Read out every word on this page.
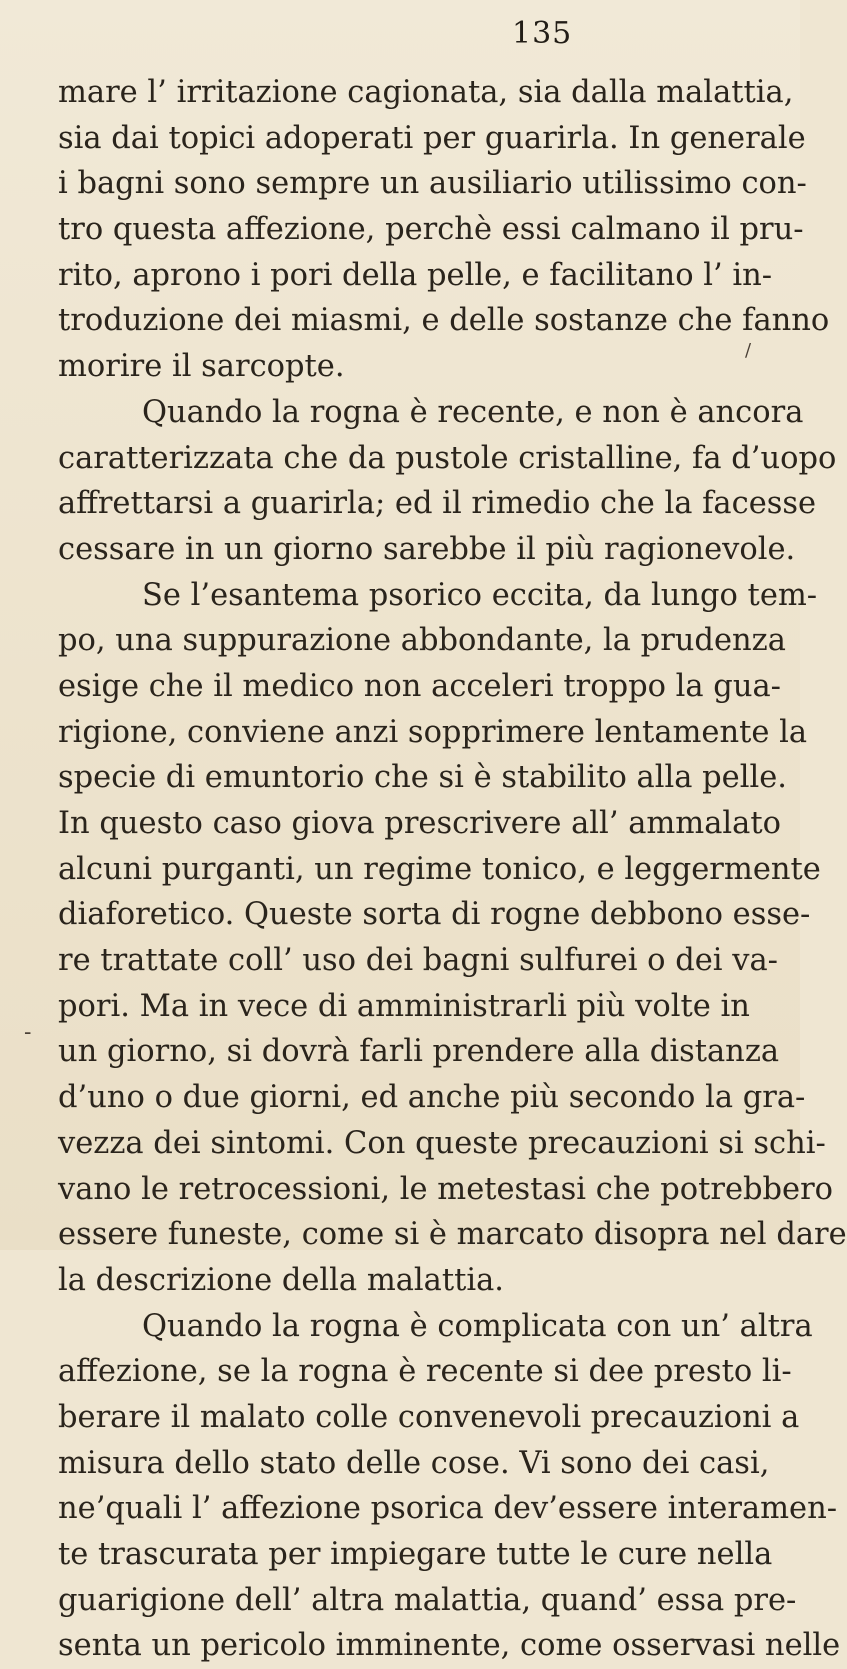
135
mare l’ irritazione cagionata, sia dalla malattia,
sia dai topici adoperati per guarirla. In generale
i bagni sono sempre un ausiliario utilissimo con-
tro questa affezione, perchè essi calmano il pru-
rito, aprono i pori della pelle, e facilitano l’ in-
troduzione dei miasmi, e delle sostanze che fanno
morire il sarcopte.
Quando la rogna è recente, e non è ancora
caratterizzata che da pustole cristalline, fa d’uopo
affrettarsi a guarirla; ed il rimedio che la facesse
cessare in un giorno sarebbe il più ragionevole.
Se l’esantema psorico eccita, da lungo tem-
po, una suppurazione abbondante, la prudenza
esige che il medico non acceleri troppo la gua-
rigione, conviene anzi sopprimere lentamente la
specie di emuntorio che si è stabilito alla pelle.
In questo caso giova prescrivere all’ ammalato
alcuni purganti, un regime tonico, e leggermente
diaforetico. Queste sorta di rogne debbono esse-
re trattate coll’ uso dei bagni sulfurei o dei va-
pori. Ma in vece di amministrarli più volte in
un giorno, si dovrà farli prendere alla distanza
d’uno o due giorni, ed anche più secondo la gra-
vezza dei sintomi. Con queste precauzioni si schi-
vano le retrocessioni, le metestasi che potrebbero
essere funeste, come si è marcato disopra nel dare
la descrizione della malattia.
Quando la rogna è complicata con un’ altra
affezione, se la rogna è recente si dee presto li-
berare il malato colle convenevoli precauzioni a
misura dello stato delle cose. Vi sono dei casi,
ne’quali l’ affezione psorica dev’essere interamen-
te trascurata per impiegare tutte le cure nella
guarigione dell’ altra malattia, quand’ essa pre-
senta un pericolo imminente, come osservasi nelle
/
-
